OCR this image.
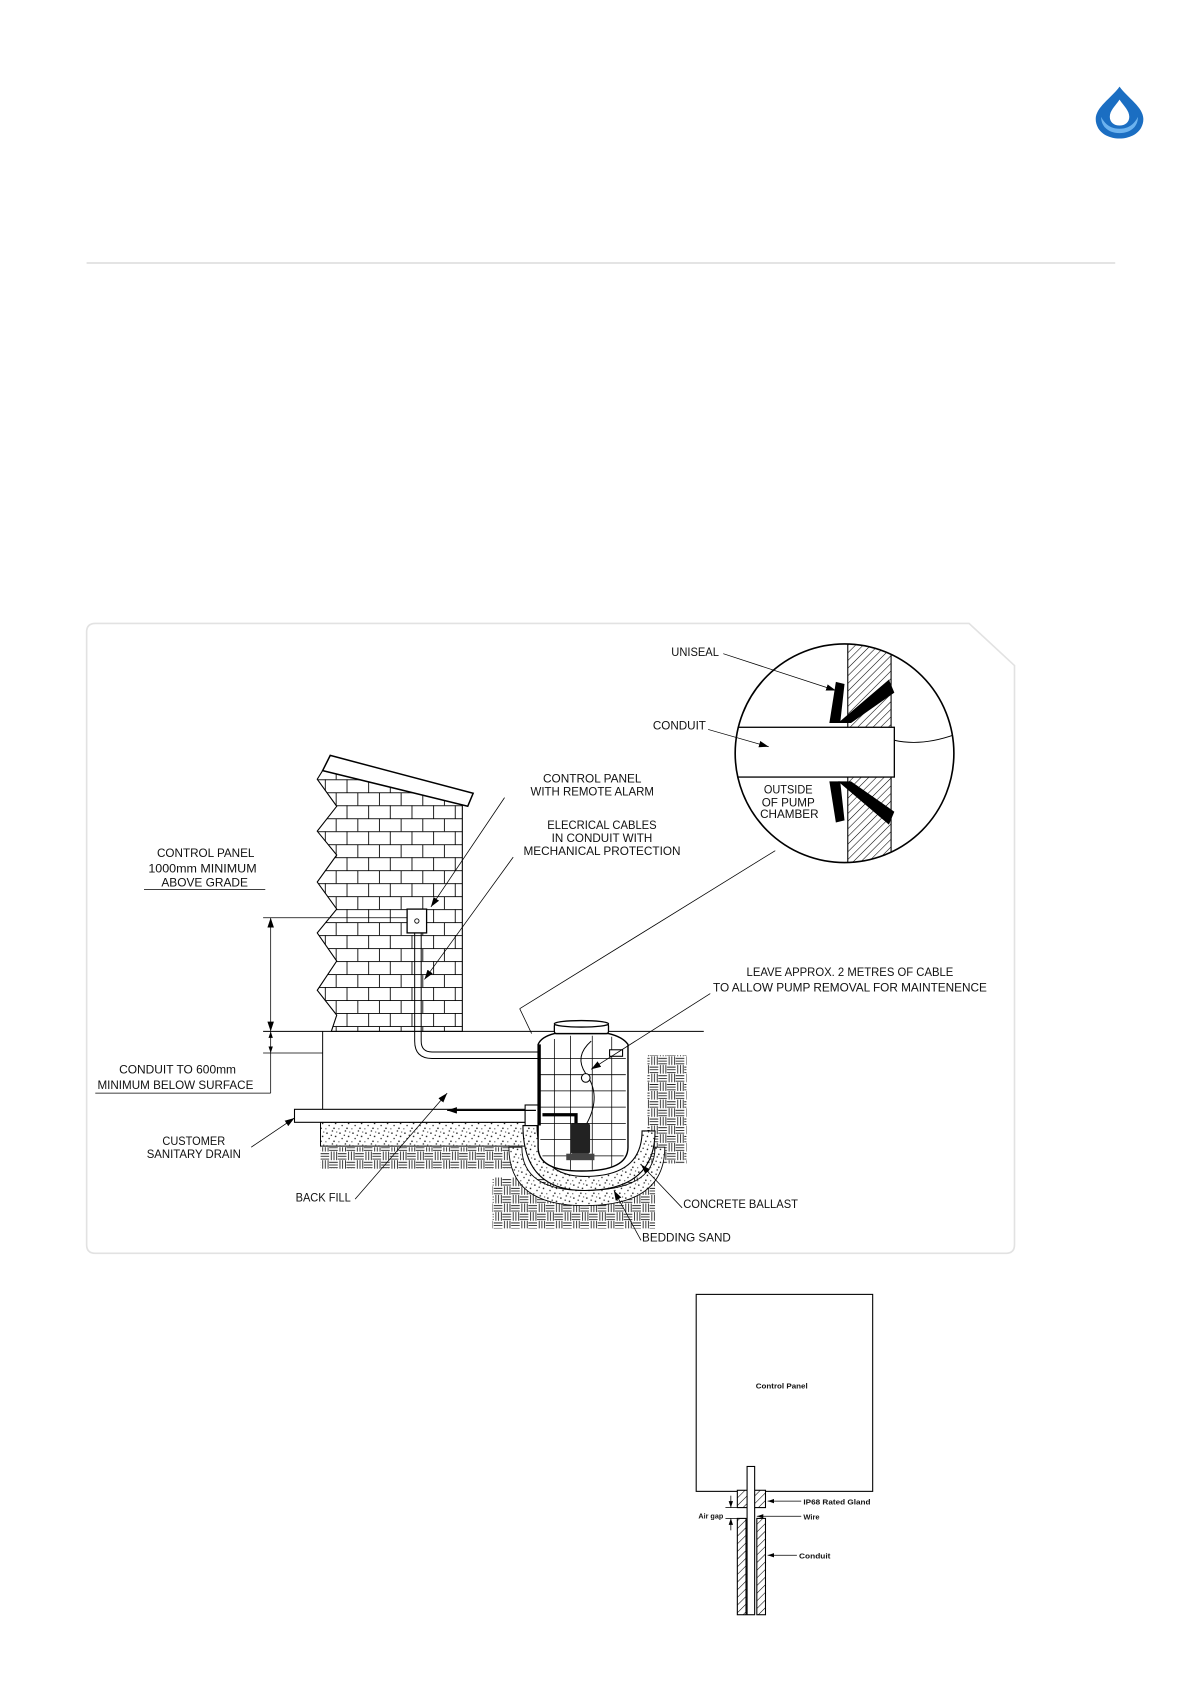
OUTSIDE
OF PUMP
CHAMBER
UNISEAL
CONDUIT
CONTROL PANEL
WITH REMOTE ALARM
ELECRICAL CABLES
IN CONDUIT WITH
MECHANICAL PROTECTION
CONTROL PANEL
1000mm MINIMUM
ABOVE GRADE
LEAVE APPROX. 2 METRES OF CABLE
TO ALLOW PUMP REMOVAL FOR MAINTENENCE
CONDUIT TO 600mm
MINIMUM BELOW SURFACE
CUSTOMER
SANITARY DRAIN
BACK FILL	CONCRETE BALLAST
BEDDING SAND
Control Panel
IP68 Rated Gland
Wire
Air gap
Conduit
